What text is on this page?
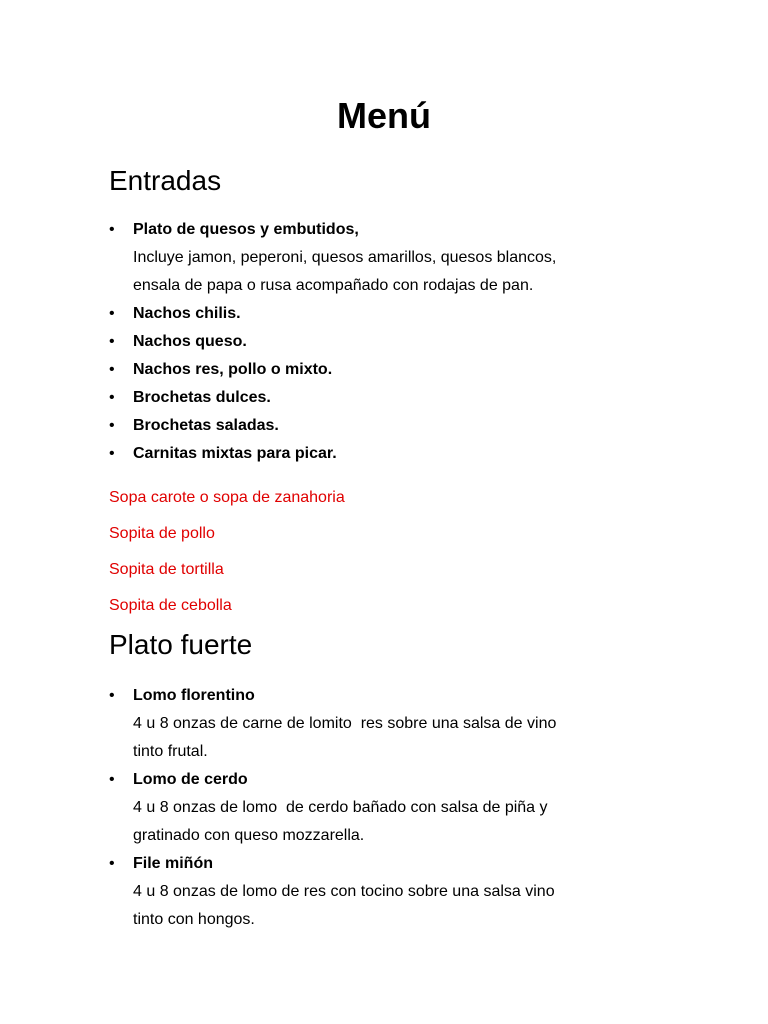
Menú
Entradas
•	Plato de quesos y embutidos,
Incluye jamon, peperoni, quesos amarillos, quesos blancos,
ensala de papa o rusa acompañado con rodajas de pan.
•	Nachos chilis.
•	Nachos queso.
•	Nachos res, pollo o mixto.
•	Brochetas dulces.
•	Brochetas saladas.
•	Carnitas mixtas para picar.
Sopa carote o sopa de zanahoria
Sopita de pollo
Sopita de tortilla
Sopita de cebolla
Plato fuerte
•	Lomo florentino
4 u 8 onzas de carne de lomito  res sobre una salsa de vino
tinto frutal.
•	Lomo de cerdo
4 u 8 onzas de lomo  de cerdo bañado con salsa de piña y
gratinado con queso mozzarella.
•	File miñón
4 u 8 onzas de lomo de res con tocino sobre una salsa vino
tinto con hongos.
